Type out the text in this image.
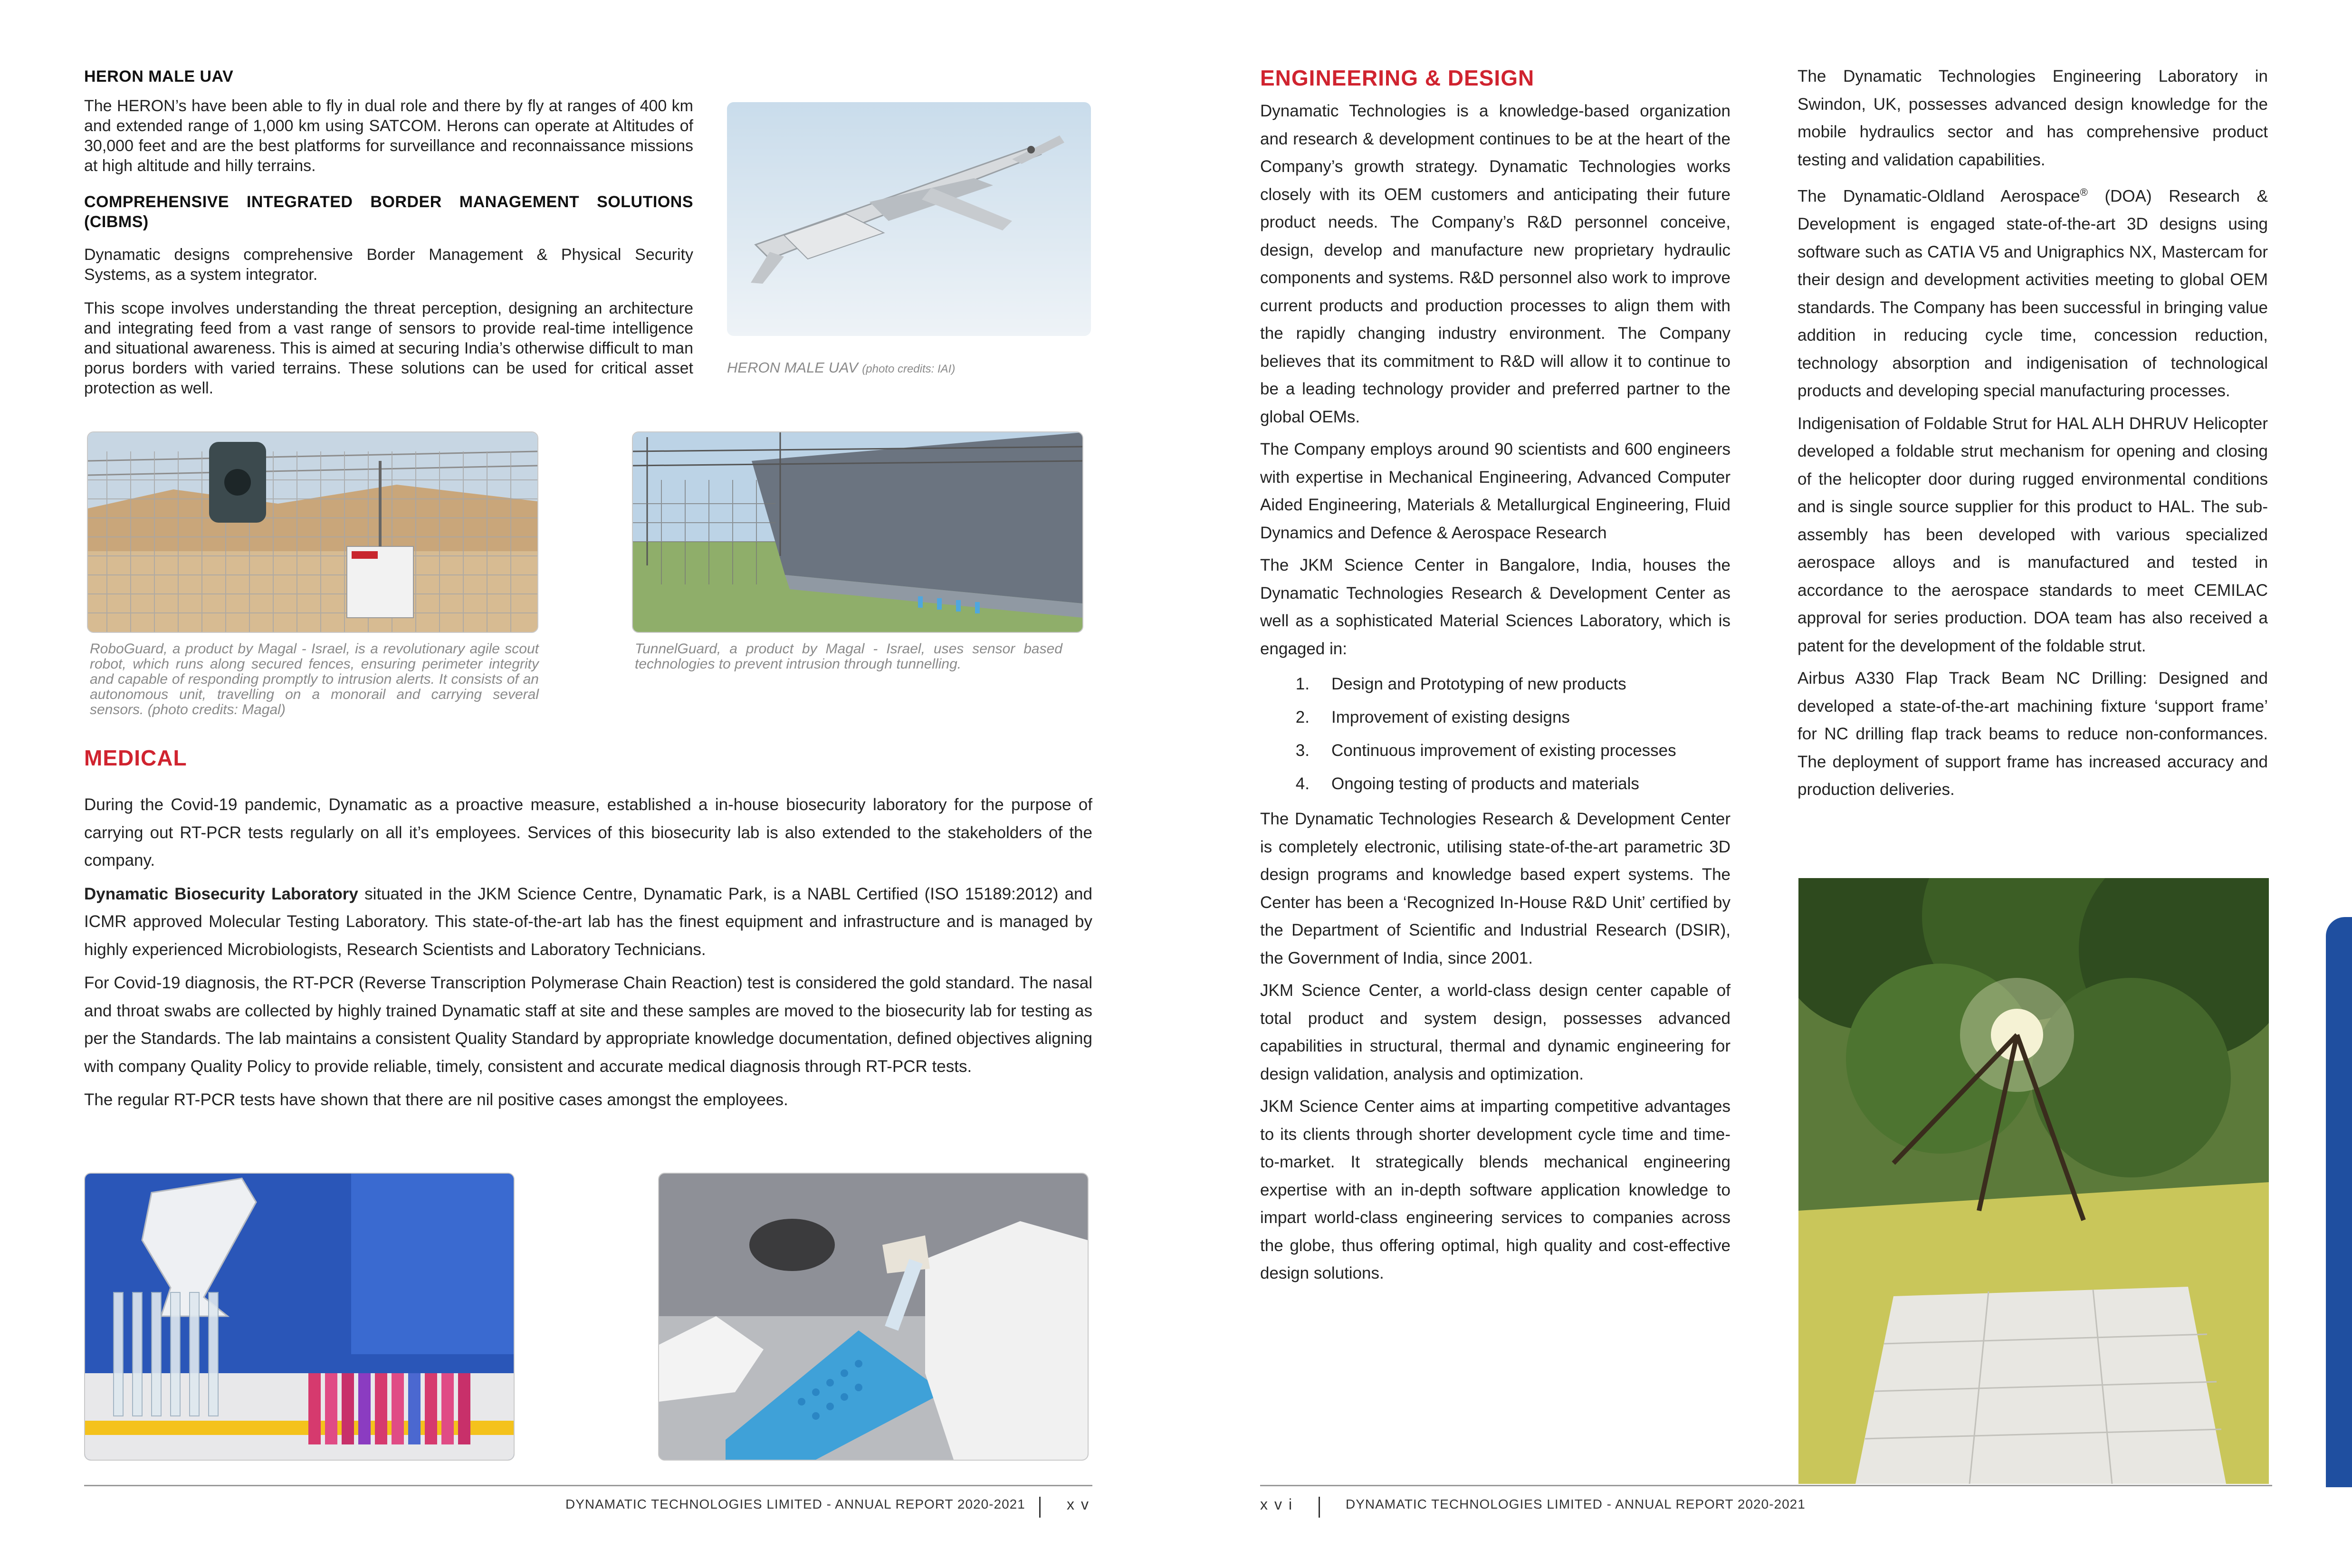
HERON MALE UAV

The HERON’s have been able to fly in dual role and there by fly at ranges of 400 km and extended range of 1,000 km using SATCOM. Herons can operate at Altitudes of 30,000 feet and are the best platforms for surveillance and reconnaissance missions at high altitude and hilly terrains.

COMPREHENSIVE INTEGRATED BORDER MANAGEMENT SOLUTIONS (CIBMS)

Dynamatic designs comprehensive Border Management & Physical Security Systems, as a system integrator.

This scope involves understanding the threat perception, designing an architecture and integrating feed from a vast range of sensors to provide real-time intelligence and situational awareness. This is aimed at securing India’s otherwise difficult to man porus borders with varied terrains. These solutions can be used for critical asset protection as well.

HERON MALE UAV (photo credits: IAI)
RoboGuard, a product by Magal - Israel, is a revolutionary agile scout robot, which runs along secured fences, ensuring perimeter integrity and capable of responding promptly to intrusion alerts. It consists of an autonomous unit, travelling on a monorail and carrying several sensors. (photo credits: Magal)
TunnelGuard, a product by Magal - Israel, uses sensor based technologies to prevent intrusion through tunnelling.
MEDICAL

During the Covid-19 pandemic, Dynamatic as a proactive measure, established a in-house biosecurity laboratory for the purpose of carrying out RT-PCR tests regularly on all it’s employees. Services of this biosecurity lab is also extended to the stakeholders of the company.

Dynamatic Biosecurity Laboratory situated in the JKM Science Centre, Dynamatic Park, is a NABL Certified (ISO 15189:2012) and ICMR approved Molecular Testing Laboratory. This state-of-the-art lab has the finest equipment and infrastructure and is managed by highly experienced Microbiologists, Research Scientists and Laboratory Technicians.

For Covid-19 diagnosis, the RT-PCR (Reverse Transcription Polymerase Chain Reaction) test is considered the gold standard. The nasal and throat swabs are collected by highly trained Dynamatic staff at site and these samples are moved to the biosecurity lab for testing as per the Standards. The lab maintains a consistent Quality Standard by appropriate knowledge documentation, defined objectives aligning with company Quality Policy to provide reliable, timely, consistent and accurate medical diagnosis through RT-PCR tests.

The regular RT-PCR tests have shown that there are nil positive cases amongst the employees.

DYNAMATIC TECHNOLOGIES LIMITED - ANNUAL REPORT 2020-2021	xv
ENGINEERING & DESIGN

Dynamatic Technologies is a knowledge-based organization and research & development continues to be at the heart of the Company’s growth strategy. Dynamatic Technologies works closely with its OEM customers and anticipating their future product needs. The Company’s R&D personnel conceive, design, develop and manufacture new proprietary hydraulic components and systems. R&D personnel also work to improve current products and production processes to align them with the rapidly changing industry environment. The Company believes that its commitment to R&D will allow it to continue to be a leading technology provider and preferred partner to the global OEMs.

The Company employs around 90 scientists and 600 engineers with expertise in Mechanical Engineering, Advanced Computer Aided Engineering, Materials & Metallurgical Engineering, Fluid Dynamics and Defence & Aerospace Research

The JKM Science Center in Bangalore, India, houses the Dynamatic Technologies Research & Development Center as well as a sophisticated Material Sciences Laboratory, which is engaged in:

1.	Design and Prototyping of new products
2.	Improvement of existing designs
3.	Continuous improvement of existing processes
4.	Ongoing testing of products and materials

The Dynamatic Technologies Research & Development Center is completely electronic, utilising state-of-the-art parametric 3D design programs and knowledge based expert systems. The Center has been a ‘Recognized In-House R&D Unit’ certified by the Department of Scientific and Industrial Research (DSIR), the Government of India, since 2001.

JKM Science Center, a world-class design center capable of total product and system design, possesses advanced capabilities in structural, thermal and dynamic engineering for design validation, analysis and optimization.

JKM Science Center aims at imparting competitive advantages to its clients through shorter development cycle time and time-to-market. It strategically blends mechanical engineering expertise with an in-depth software application knowledge to impart world-class engineering services to companies across the globe, thus offering optimal, high quality and cost-effective design solutions.

The Dynamatic Technologies Engineering Laboratory in Swindon, UK, possesses advanced design knowledge for the mobile hydraulics sector and has comprehensive product testing and validation capabilities.

The Dynamatic-Oldland Aerospace® (DOA) Research & Development is engaged state-of-the-art 3D designs using software such as CATIA V5 and Unigraphics NX, Mastercam for their design and development activities meeting to global OEM standards. The Company has been successful in bringing value addition in reducing cycle time, concession reduction, technology absorption and indigenisation of technological products and developing special manufacturing processes.

Indigenisation of Foldable Strut for HAL ALH DHRUV Helicopter developed a foldable strut mechanism for opening and closing of the helicopter door during rugged environmental conditions and is single source supplier for this product to HAL. The sub-assembly has been developed with various specialized aerospace alloys and is manufactured and tested in accordance to the aerospace standards to meet CEMILAC approval for series production. DOA team has also received a patent for the development of the foldable strut.

Airbus A330 Flap Track Beam NC Drilling: Designed and developed a state-of-the-art machining fixture ‘support frame’ for NC drilling flap track beams to reduce non-conformances. The deployment of support frame has increased accuracy and production deliveries.

xvi	DYNAMATIC TECHNOLOGIES LIMITED - ANNUAL REPORT 2020-2021
